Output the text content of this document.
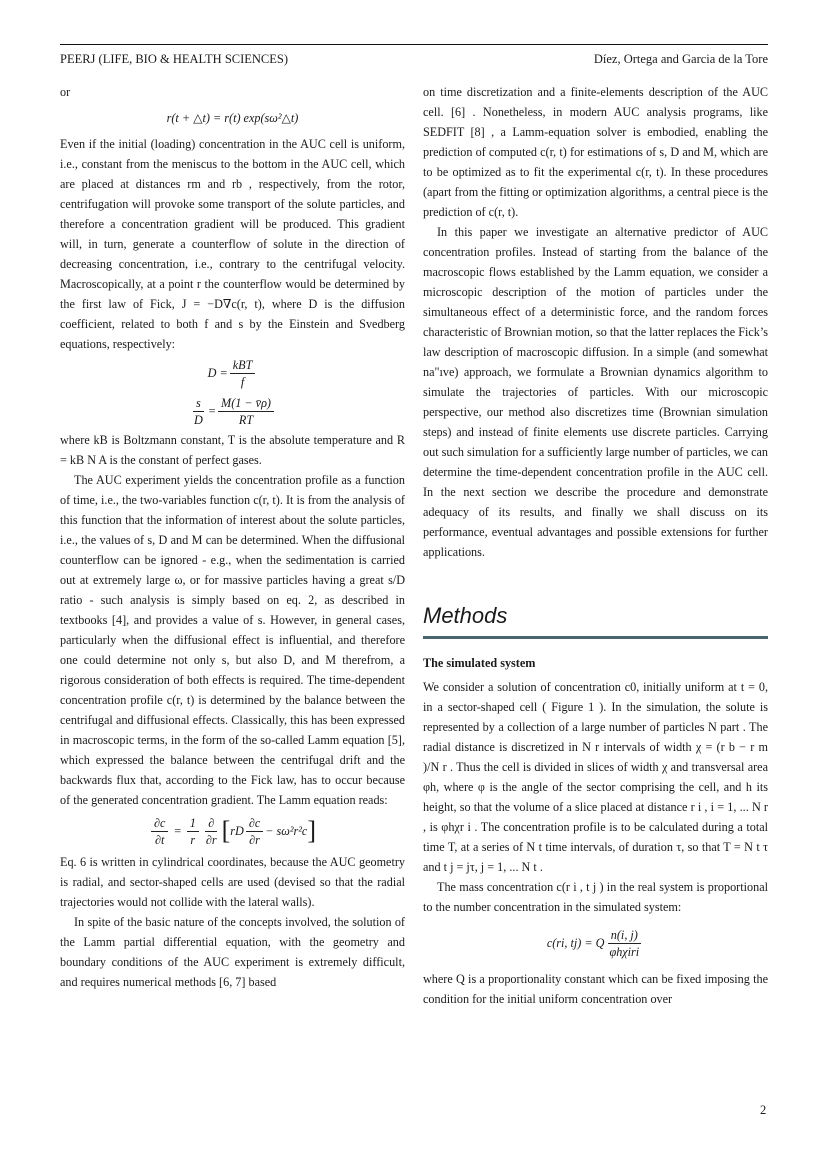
PEERJ (LIFE, BIO & HEALTH SCIENCES)	Díez, Ortega and Garcia de la Tore

or

r(t + △t) = r(t) exp(sω²△t)

Even if the initial (loading) concentration in the AUC cell is uniform, i.e., constant from the meniscus to the bottom in the AUC cell, which are placed at distances rm and rb , respectively, from the rotor, centrifugation will provoke some transport of the solute particles, and therefore a concentration gradient will be produced. This gradient will, in turn, generate a counterflow of solute in the direction of decreasing concentration, i.e., contrary to the centrifugal velocity. Macroscopically, at a point r the counterflow would be determined by the first law of Fick, J = −D∇c(r, t), where D is the diffusion coefficient, related to both f and s by the Einstein and Svedberg equations, respectively:

$D = \frac{\text{kBT}}{f}$
$\frac{s}{D} = \frac{M(1 - v̄\rho)}{RT}$

where kB is Boltzmann constant, T is the absolute temperature and R = kB N A is the constant of perfect gases.

The AUC experiment yields the concentration profile as a function of time, i.e., the two-variables function c(r, t). It is from the analysis of this function that the information of interest about the solute particles, i.e., the values of s, D and M can be determined. When the diffusional counterflow can be ignored - e.g., when the sedimentation is carried out at extremely large ω, or for massive particles having a great s/D ratio - such analysis is simply based on eq. 2, as described in textbooks [4], and provides a value of s. However, in general cases, particularly when the diffusional effect is influential, and therefore one could determine not only s, but also D, and M therefrom, a rigorous consideration of both effects is required. The time-dependent concentration profile c(r, t) is determined by the balance between the centrifugal and diffusional effects. Classically, this has been expressed in macroscopic terms, in the form of the so-called Lamm equation [5], which expressed the balance between the centrifugal drift and the backwards flux that, according to the Fick law, has to occur because of the generated concentration gradient. The Lamm equation reads:

$\frac{\partial c}{\partial t} = \frac{1}{r} \frac{\partial}{\partial r}$ [ rD $\frac{\partial c}{\partial r} - s\omega^2r^2c$ ]

Eq. 6 is written in cylindrical coordinates, because the AUC geometry is radial, and sector-shaped cells are used (devised so that the radial trajectories would not collide with the lateral walls).

In spite of the basic nature of the concepts involved, the solution of the Lamm partial differential equation, with the geometry and boundary conditions of the AUC experiment is extremely difficult, and requires numerical methods [6, 7] based

on time discretization and a finite-elements description of the AUC cell. [6] . Nonetheless, in modern AUC analysis programs, like SEDFIT [8] , a Lamm-equation solver is embodied, enabling the prediction of computed c(r, t) for estimations of s, D and M, which are to be optimized as to fit the experimental c(r, t). In these procedures (apart from the fitting or optimization algorithms, a central piece is the prediction of c(r, t).

In this paper we investigate an alternative predictor of AUC concentration profiles. Instead of starting from the balance of the macroscopic flows established by the Lamm equation, we consider a microscopic description of the motion of particles under the simultaneous effect of a deterministic force, and the random forces characteristic of Brownian motion, so that the latter replaces the Fick’s law description of macroscopic diffusion. In a simple (and somewhat na"ıve) approach, we formulate a Brownian dynamics algorithm to simulate the trajectories of particles. With our microscopic perspective, our method also discretizes time (Brownian simulation steps) and instead of finite elements use discrete particles. Carrying out such simulation for a sufficiently large number of particles, we can determine the time-dependent concentration profile in the AUC cell. In the next section we describe the procedure and demonstrate adequacy of its results, and finally we shall discuss on its performance, eventual advantages and possible extensions for further applications.

Methods
The simulated system

We consider a solution of concentration c0, initially uniform at t = 0, in a sector-shaped cell ( Figure 1 ). In the simulation, the solute is represented by a collection of a large number of particles N part . The radial distance is discretized in N r intervals of width χ = (r b − r m )/N r . Thus the cell is divided in slices of width χ and transversal area φh, where φ is the angle of the sector comprising the cell, and h its height, so that the volume of a slice placed at distance r i , i = 1, ... N r , is φhχr i . The concentration profile is to be calculated during a total time T, at a series of N t time intervals, of duration τ, so that T = N t τ and t j = jτ, j = 1, ... N t .

The mass concentration c(r i , t j ) in the real system is proportional to the number concentration in the simulated system:

c(ri, tj) = Q $\frac{n(i, j)}{\text{φhχiri}}$

where Q is a proportionality constant which can be fixed imposing the condition for the initial uniform concentration over

2
